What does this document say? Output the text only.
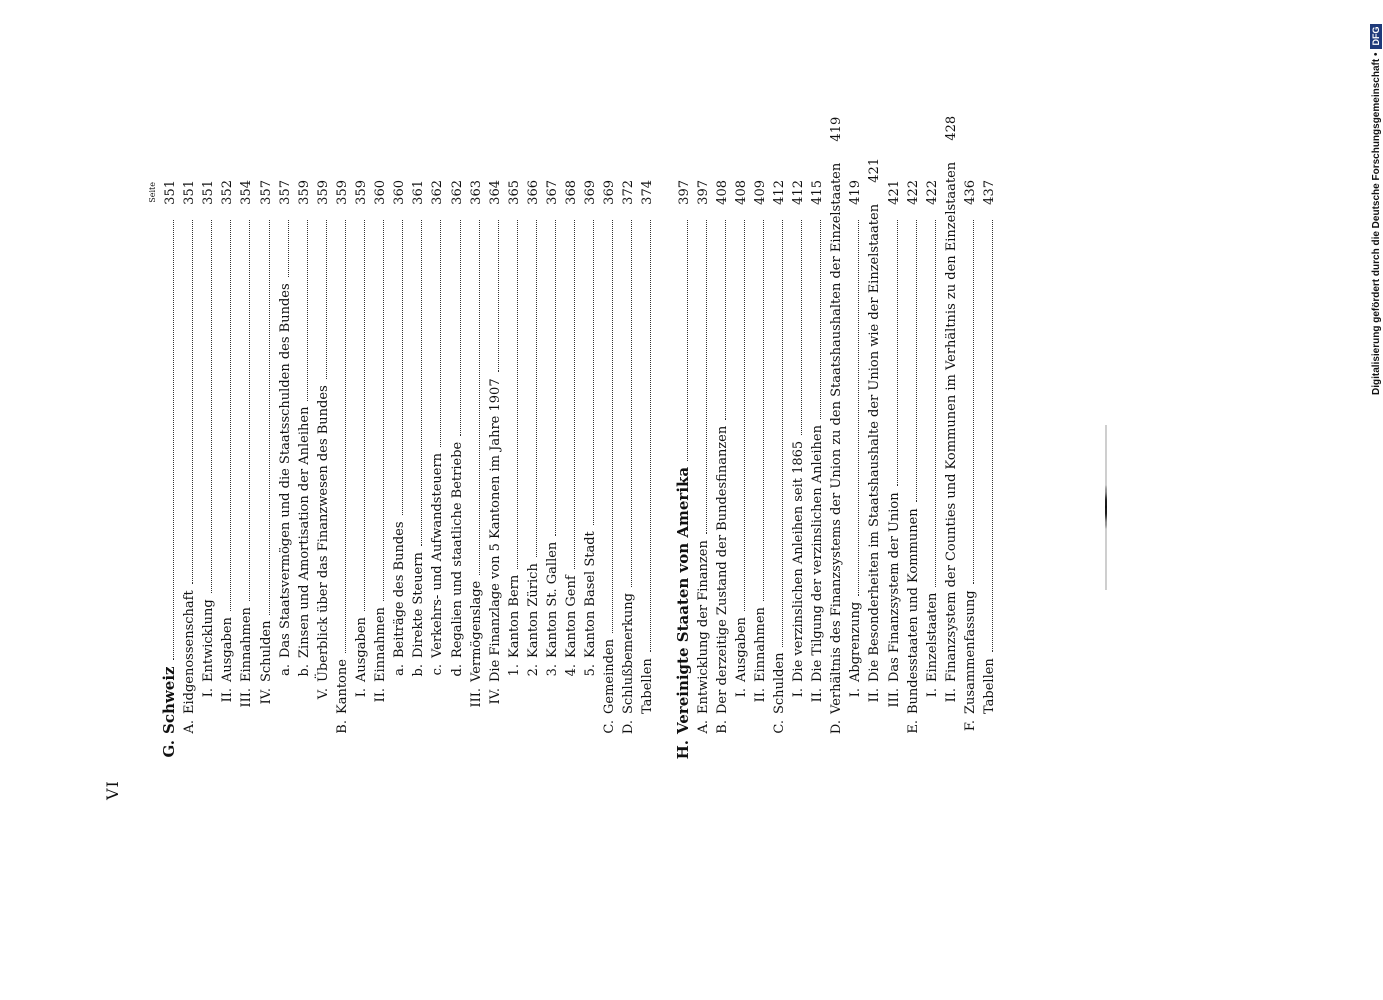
VI
Seite
G.Schweiz
351
A.Eidgenossenschaft
351
I.Entwicklung
351
II.Ausgaben
352
III.Einnahmen
354
IV.Schulden
357
a.Das Staatsvermögen und die Staatsschulden des Bundes
357
b.Zinsen und Amortisation der Anleihen
359
V.Überblick über das Finanzwesen des Bundes
359
B.Kantone
359
I.Ausgaben
359
II.Einnahmen
360
a.Beiträge des Bundes
360
b.Direkte Steuern
361
c.Verkehrs- und Aufwandsteuern
362
d.Regalien und staatliche Betriebe
362
III.Vermögenslage
363
IV.Die Finanzlage von 5 Kantonen im Jahre 1907
364
1.Kanton Bern
365
2.Kanton Zürich
366
3.Kanton St. Gallen
367
4.Kanton Genf
368
5.Kanton Basel Stadt
369
C.Gemeinden
369
D.Schlußbemerkung
372
Tabellen
374
H.Vereinigte Staaten von Amerika
397
A.Entwicklung der Finanzen
397
B.Der derzeitige Zustand der Bundesfinanzen
408
I.Ausgaben
408
II.Einnahmen
409
C.Schulden
412
I.Die verzinslichen Anleihen seit 1865
412
II.Die Tilgung der verzinslichen Anleihen
415
D.Verhältnis des Finanzsystems der Union zu den Staatshaushalten der Einzelstaaten
419
I.Abgrenzung
419
II.Die Besonderheiten im Staatshaushalte der Union wie der Einzelstaaten
421
III.Das Finanzsystem der Union
421
E.Bundesstaaten und Kommunen
422
I.Einzelstaaten
422
II.Finanzsystem der Counties und Kommunen im Verhältnis zu den Einzelstaaten
428
F.Zusammenfassung
436
Tabellen
437	Digitalisierung gefördert durch die Deutsche Forschungsgemeinschaft •
DFG
